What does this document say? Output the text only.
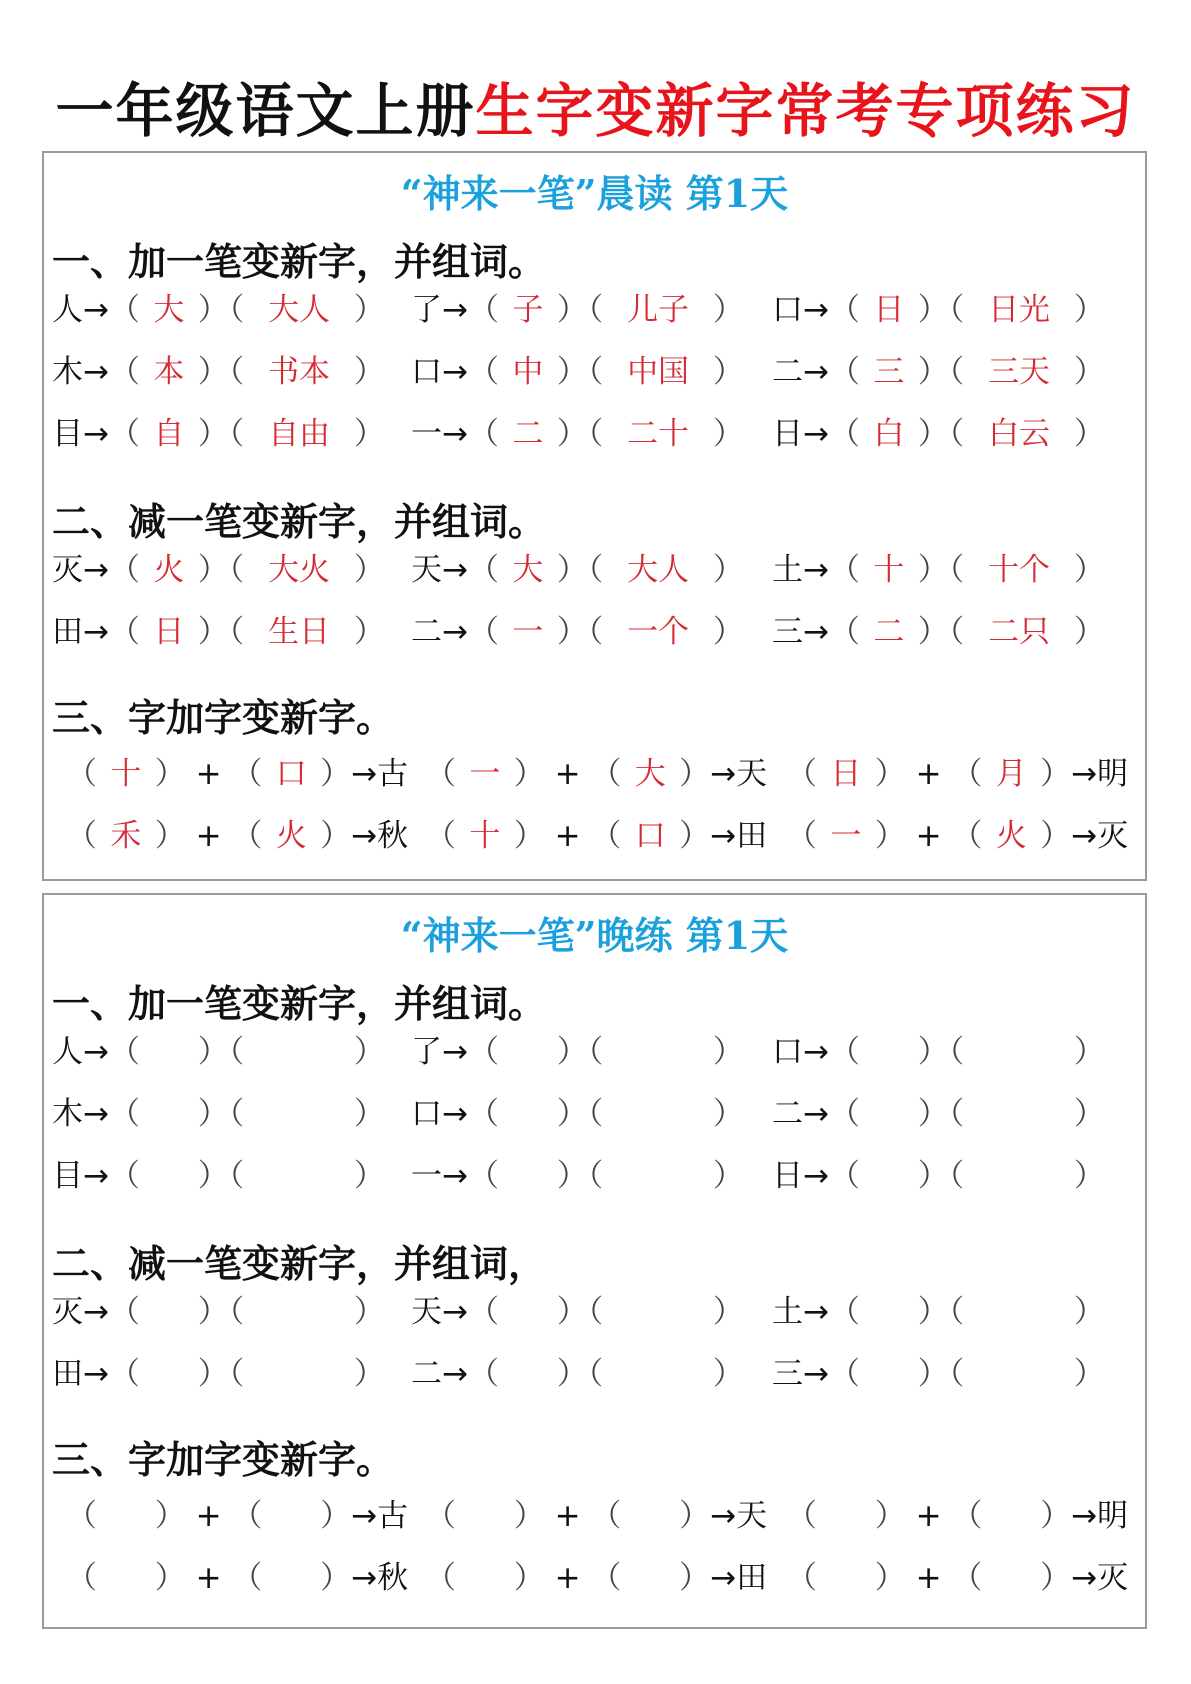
一年级语文上册生字变新字常考专项练习
“神来一笔”晨读 第1天
一、加一笔变新字，并组词。
人→（ 大 ）（ 大人 ） 了→（ 子 ）（ 儿子 ） 口→（ 日 ）（ 日光 ）
木→（ 本 ）（ 书本 ） 口→（ 中 ）（ 中国 ） 二→（ 三 ）（ 三天 ）
目→（ 自 ）（ 自由 ） 一→（ 二 ）（ 二十 ） 日→（ 白 ）（ 白云 ）
二、减一笔变新字，并组词。
灭→（ 火 ）（ 大火 ） 天→（ 大 ）（ 大人 ） 土→（ 十 ）（ 十个 ）
田→（ 日 ）（ 生日 ） 二→（ 一 ）（ 一个 ） 三→（ 二 ）（ 二只 ）
三、字加字变新字。
（ 十 ） + （ 口 ）→古 （ 一 ） + （ 大 ）→天 （ 日 ） + （ 月 ）→明
（ 禾 ） + （ 火 ）→秋 （ 十 ） + （ 口 ）→田 （ 一 ） + （ 火 ）→灭
“神来一笔”晚练 第1天
一、加一笔变新字，并组词。
人→（  ）（	） 了→（  ）（	） 口→（  ）（	）
木→（  ）（	） 口→（  ）（	） 二→（  ）（	）
目→（  ）（	） 一→（  ）（	） 日→（  ）（	）
二、减一笔变新字，并组词，
灭→（  ）（	） 天→（  ）（	） 土→（  ）（	）
田→（  ）（	） 二→（  ）（	） 三→（  ）（	）
三、字加字变新字。
（  ） + （  ）→古 （  ） + （  ）→天 （  ） + （  ）→明
（  ） + （  ）→秋 （  ） + （  ）→田 （  ） + （  ）→灭
